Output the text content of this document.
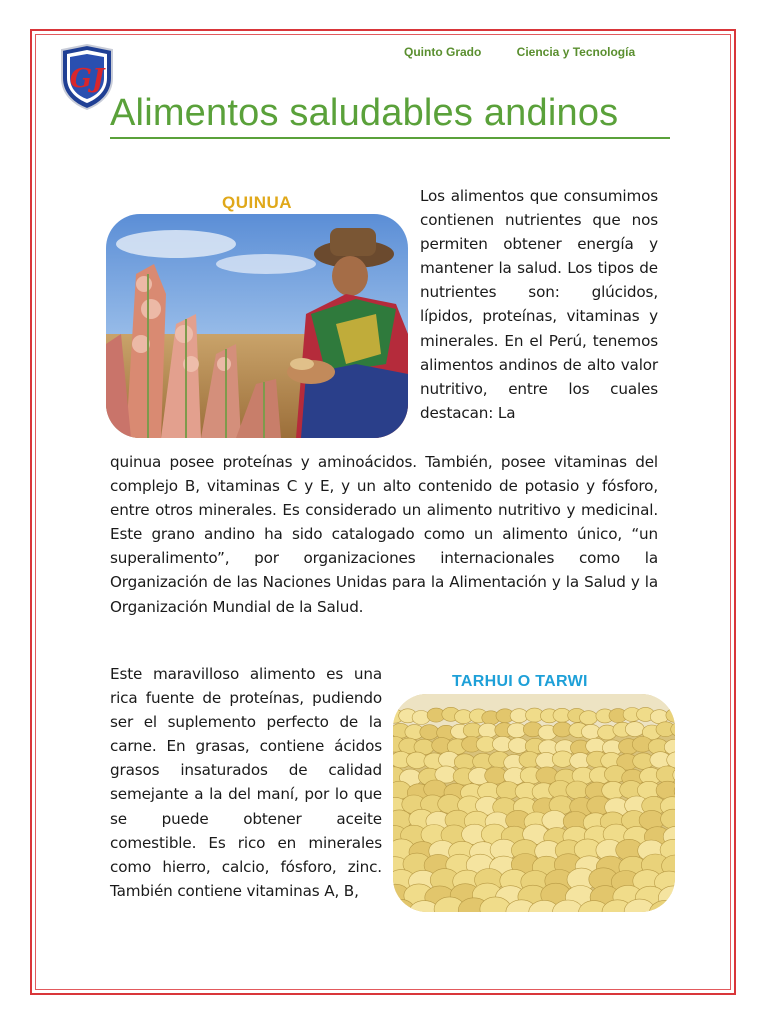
GJ
Quinto Grado	Ciencia y Tecnología
Alimentos saludables andinos
QUINUA	Los alimentos que consumimos contienen nutrientes que nos permiten obtener energía y mantener la salud. Los tipos de nutrientes son: glúcidos, lípidos, proteínas, vitaminas y minerales. En el Perú, tenemos alimentos andinos de alto valor nutritivo, entre los cuales destacan: La
quinua posee proteínas y aminoácidos. También, posee vitaminas del complejo B, vitaminas C y E, y un alto contenido de potasio y fósforo, entre otros minerales. Es considerado un alimento nutritivo y medicinal. Este grano andino ha sido catalogado como un alimento único, “un superalimento”, por organizaciones internacionales como la Organización de las Naciones Unidas para la Alimentación y la Salud y la Organización Mundial de la Salud.
TARHUI O TARWI
Este maravilloso alimento es una rica fuente de proteínas, pudiendo ser el suplemento perfecto de la carne. En grasas, contiene ácidos grasos insaturados de calidad semejante a la del maní, por lo que se puede obtener aceite comestible. Es rico en minerales como hierro, calcio, fósforo, zinc. También contiene vitaminas A, B,
